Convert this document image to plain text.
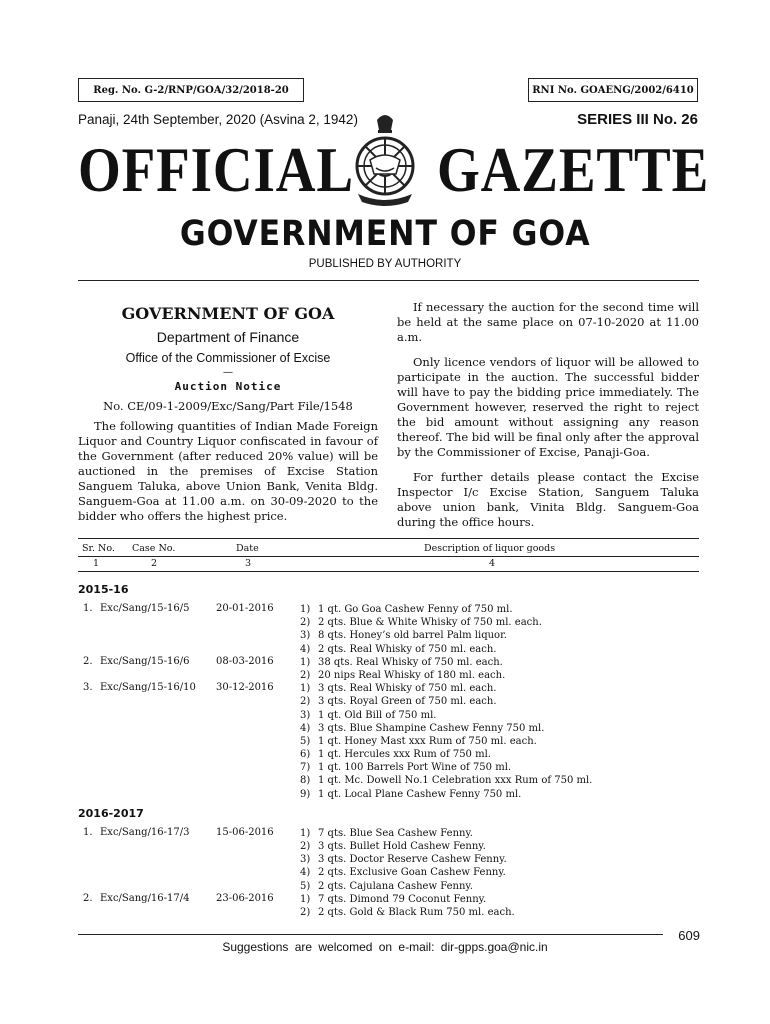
Reg. No. G-2/RNP/GOA/32/2018-20	RNI No. GOAENG/2002/6410
Panaji, 24th September, 2020 (Asvina 2, 1942)	SERIES III No. 26
OFFICIAL GAZETTE
GOVERNMENT OF GOA
PUBLISHED BY AUTHORITY
GOVERNMENT OF GOA
Department of Finance
Office of the Commissioner of Excise
—
Auction Notice
No. CE/09-1-2009/Exc/Sang/Part File/1548

The following quantities of Indian Made Foreign Liquor and Country Liquor confiscated in favour of the Government (after reduced 20% value) will be auctioned in the premises of Excise Station Sanguem Taluka, above Union Bank, Venita Bldg. Sanguem-Goa at 11.00 a.m. on 30-09-2020 to the bidder who offers the highest price.

If necessary the auction for the second time will be held at the same place on 07-10-2020 at 11.00 a.m.

Only licence vendors of liquor will be allowed to participate in the auction. The successful bidder will have to pay the bidding price immediately. The Government however, reserved the right to reject the bid amount without assigning any reason thereof. The bid will be final only after the approval by the Commissioner of Excise, Panaji-Goa.

For further details please contact the Excise Inspector I/c Excise Station, Sanguem Taluka above union bank, Vinita Bldg. Sanguem-Goa during the office hours.

Sr. No. Case No.	Date	Description of liquor goods
1	2	3	4
2015-16
1. Exc/Sang/15-16/5	20-01-2016	1) 1 qt. Go Goa Cashew Fenny of 750 ml.
2) 2 qts. Blue & White Whisky of 750 ml. each.
3) 8 qts. Honey’s old barrel Palm liquor.
4) 2 qts. Real Whisky of 750 ml. each.
2. Exc/Sang/15-16/6	08-03-2016	1) 38 qts. Real Whisky of 750 ml. each.
2) 20 nips Real Whisky of 180 ml. each.
3. Exc/Sang/15-16/10 30-12-2016	1) 3 qts. Real Whisky of 750 ml. each.
2) 3 qts. Royal Green of 750 ml. each.
3) 1 qt. Old Bill of 750 ml.
4) 3 qts. Blue Shampine Cashew Fenny 750 ml.
5) 1 qt. Honey Mast xxx Rum of 750 ml. each.
6) 1 qt. Hercules xxx Rum of 750 ml.
7) 1 qt. 100 Barrels Port Wine of 750 ml.
8) 1 qt. Mc. Dowell No.1 Celebration xxx Rum of 750 ml.
9) 1 qt. Local Plane Cashew Fenny 750 ml.
2016-2017
1. Exc/Sang/16-17/3	15-06-2016	1) 7 qts. Blue Sea Cashew Fenny.
2) 3 qts. Bullet Hold Cashew Fenny.
3) 3 qts. Doctor Reserve Cashew Fenny.
4) 2 qts. Exclusive Goan Cashew Fenny.
5) 2 qts. Cajulana Cashew Fenny.
2. Exc/Sang/16-17/4	23-06-2016	1) 7 qts. Dimond 79 Coconut Fenny.
2) 2 qts. Gold & Black Rum 750 ml. each.
609
Suggestions are welcomed on e-mail: dir-gpps.goa@nic.in
